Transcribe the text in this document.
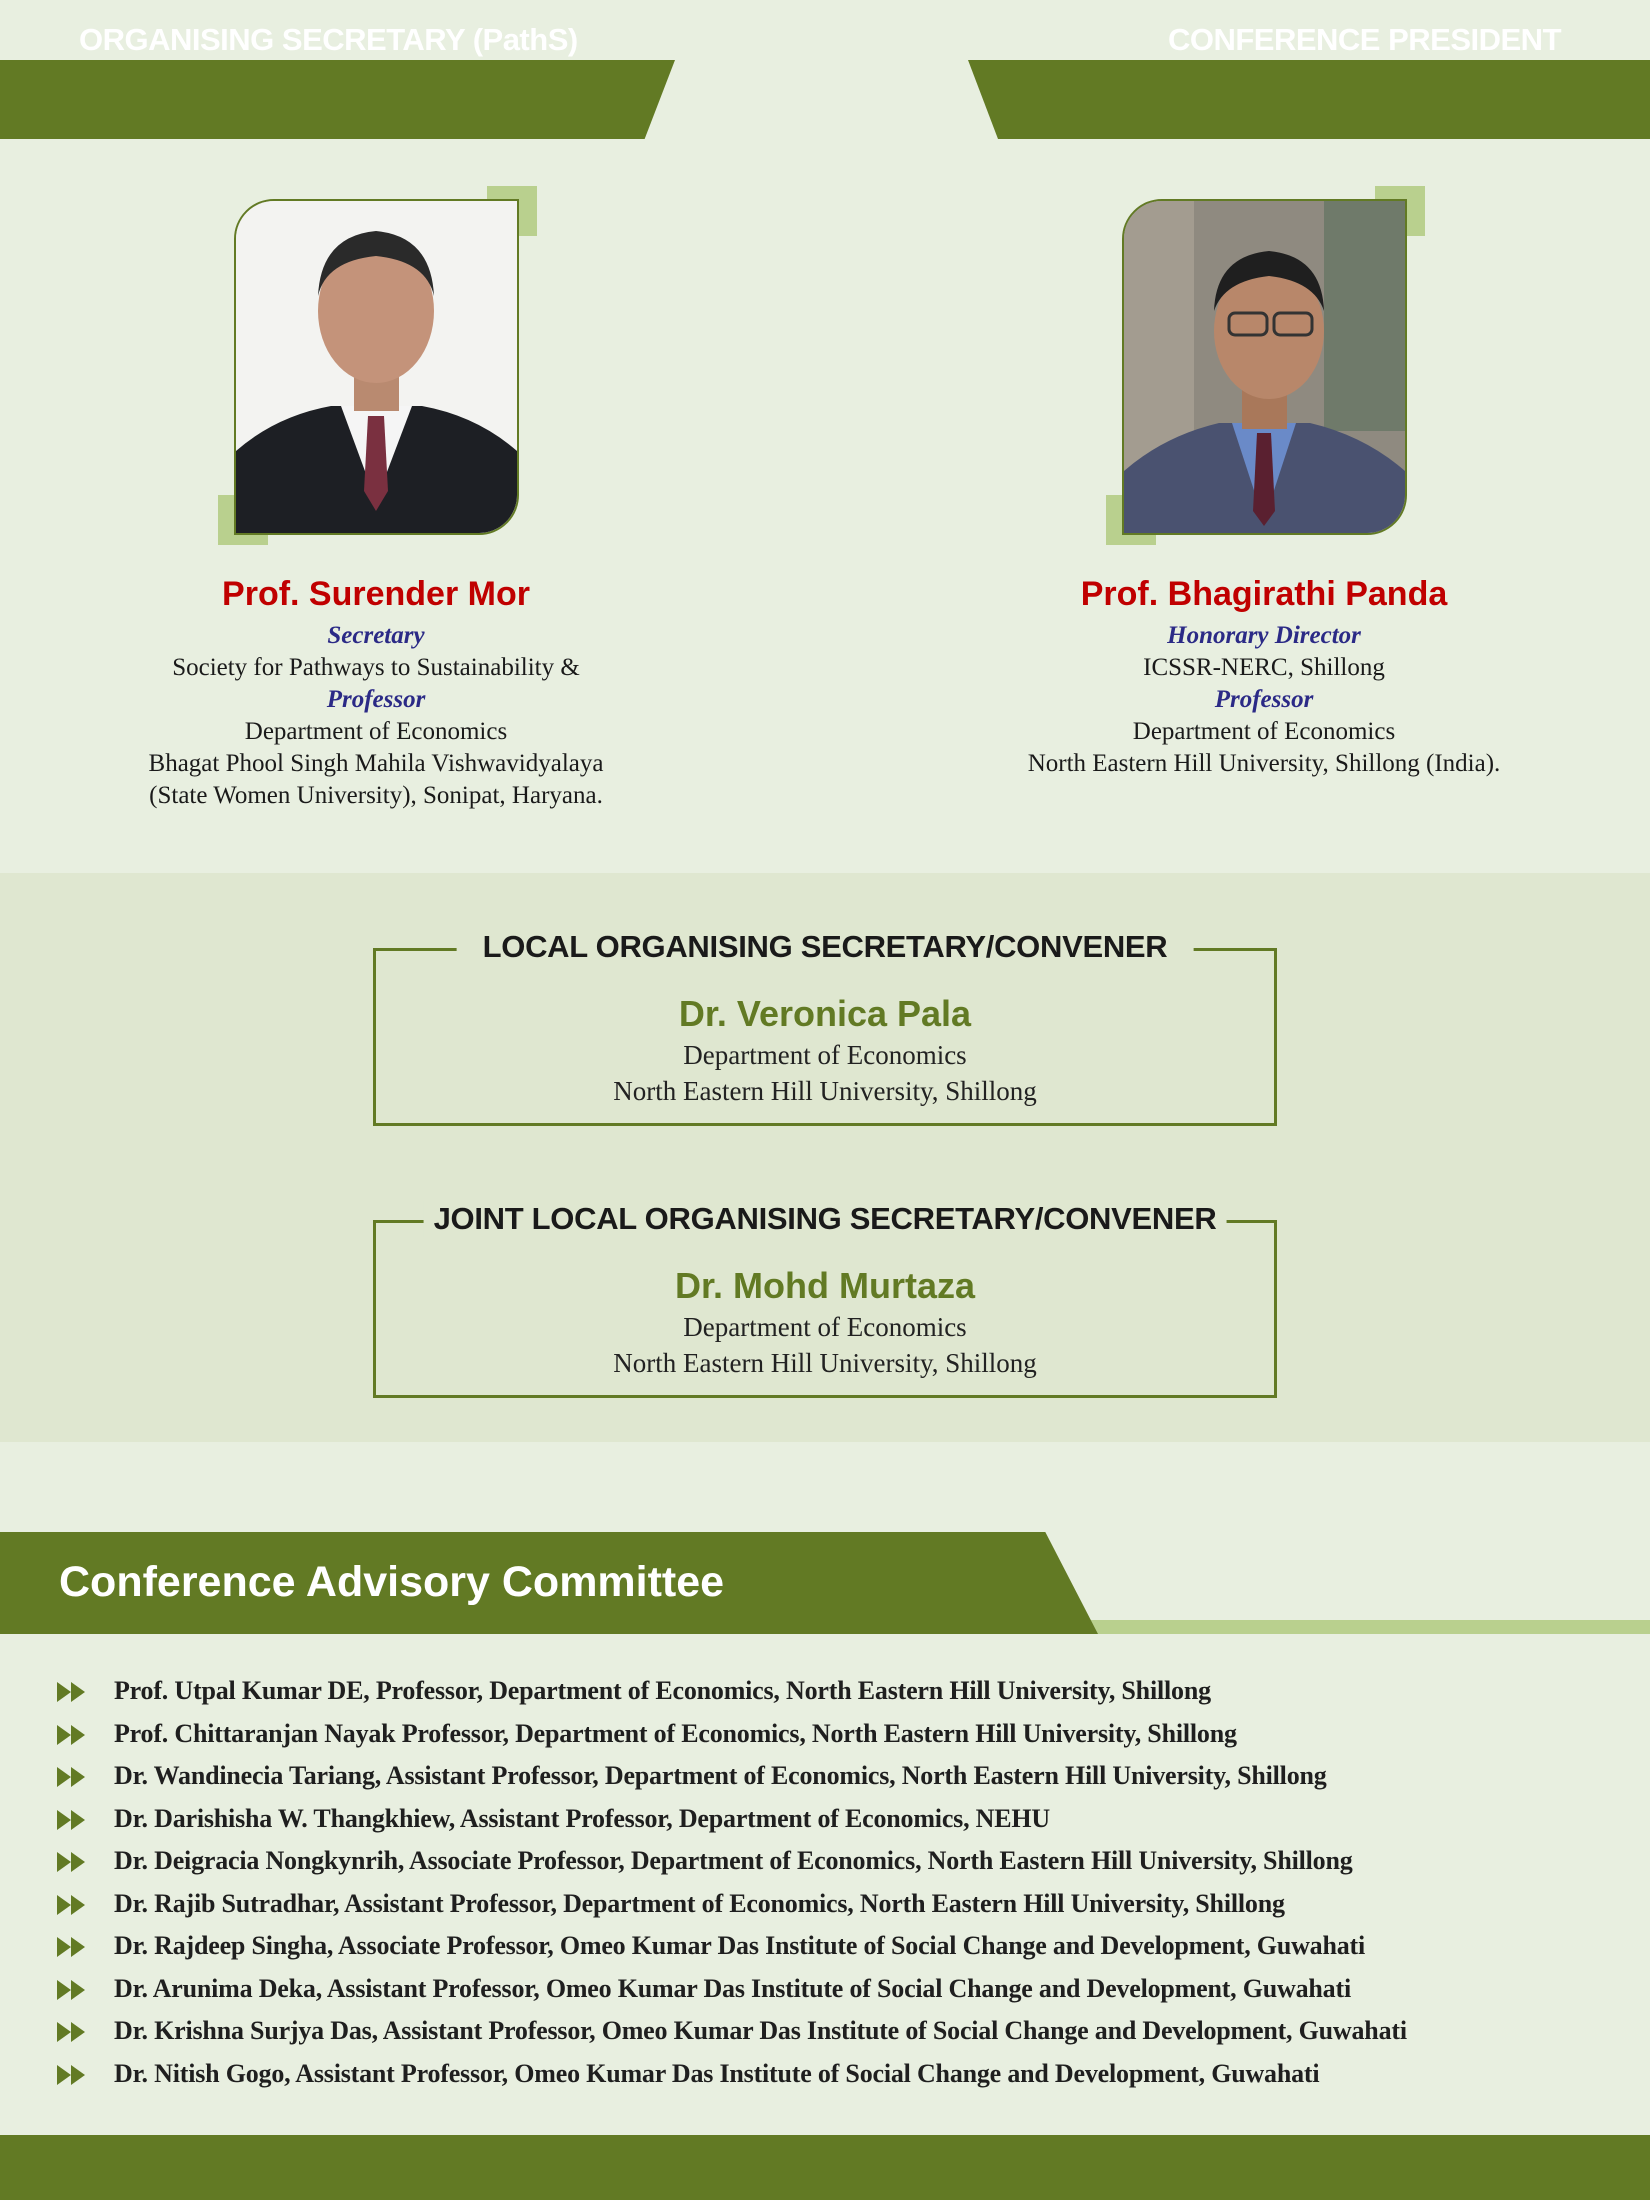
ORGANISING SECRETARY (PathS)	CONFERENCE PRESIDENT
Prof. Surender Mor
Secretary
Society for Pathways to Sustainability &
Professor
Department of Economics
Bhagat Phool Singh Mahila Vishwavidyalaya
(State Women University), Sonipat, Haryana.
Prof. Bhagirathi Panda
Honorary Director
ICSSR-NERC, Shillong
Professor
Department of Economics
North Eastern Hill University, Shillong (India).
LOCAL ORGANISING SECRETARY/CONVENER
Dr. Veronica Pala
Department of Economics
North Eastern Hill University, Shillong
JOINT LOCAL ORGANISING SECRETARY/CONVENER
Dr. Mohd Murtaza
Department of Economics
North Eastern Hill University, Shillong
Conference Advisory Committee
Prof. Utpal Kumar DE, Professor, Department of Economics, North Eastern Hill University, Shillong
Prof. Chittaranjan Nayak Professor, Department of Economics, North Eastern Hill University, Shillong
Dr. Wandinecia Tariang, Assistant Professor, Department of Economics, North Eastern Hill University, Shillong
Dr. Darishisha W. Thangkhiew, Assistant Professor, Department of Economics, NEHU
Dr. Deigracia Nongkynrih, Associate Professor, Department of Economics, North Eastern Hill University, Shillong
Dr. Rajib Sutradhar, Assistant Professor, Department of Economics, North Eastern Hill University, Shillong
Dr. Rajdeep Singha, Associate Professor, Omeo Kumar Das Institute of Social Change and Development, Guwahati
Dr. Arunima Deka, Assistant Professor, Omeo Kumar Das Institute of Social Change and Development, Guwahati
Dr. Krishna Surjya Das, Assistant Professor, Omeo Kumar Das Institute of Social Change and Development, Guwahati
Dr. Nitish Gogo, Assistant Professor, Omeo Kumar Das Institute of Social Change and Development, Guwahati
